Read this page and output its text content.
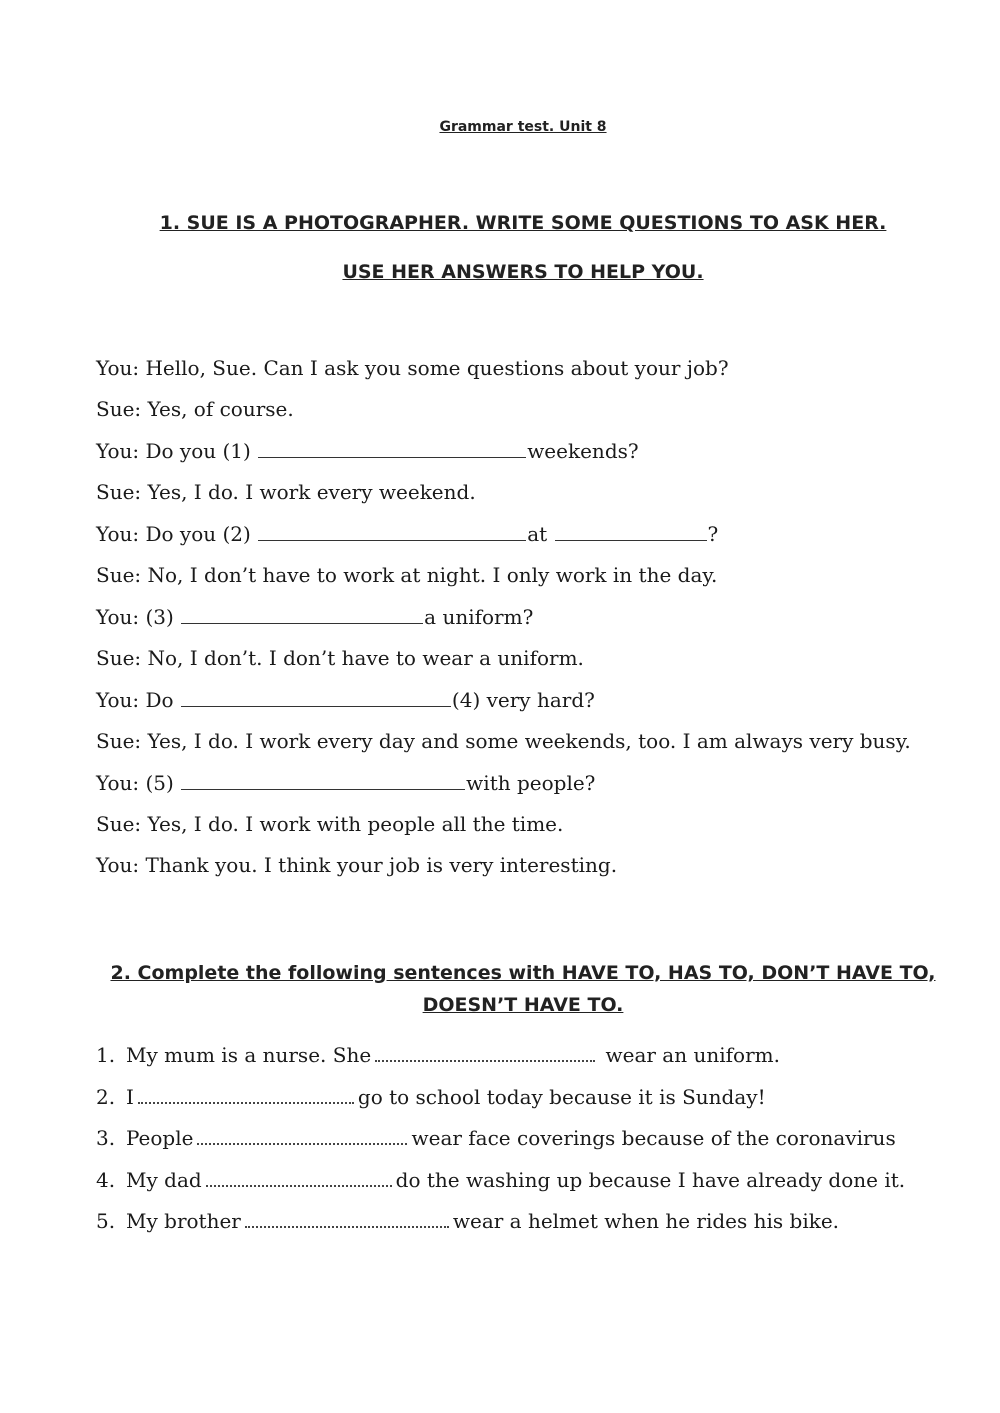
Grammar test. Unit 8
1. SUE IS A PHOTOGRAPHER. WRITE SOME QUESTIONS TO ASK HER.
USE HER ANSWERS TO HELP YOU.
You: Hello, Sue. Can I ask you some questions about your job?
Sue: Yes, of course.
You: Do you (1)	weekends?
Sue: Yes, I do. I work every weekend.
You: Do you (2)	at	?
Sue: No, I don’t have to work at night. I only work in the day.
You: (3)	a uniform?
Sue: No, I don’t. I don’t have to wear a uniform.
You: Do	(4) very hard?
Sue: Yes, I do. I work every day and some weekends, too. I am always very busy.
You: (5)	with people?
Sue: Yes, I do. I work with people all the time.
You: Thank you. I think your job is very interesting.
2. Complete the following sentences with HAVE TO, HAS TO, DON’T HAVE TO,
DOESN’T HAVE TO.
1. My mum is a nurse. She	wear an uniform.
2. I	go to school today because it is Sunday!
3. People	wear face coverings because of the coronavirus
4. My dad	do the washing up because I have already done it.
5. My brother	wear a helmet when he rides his bike.
